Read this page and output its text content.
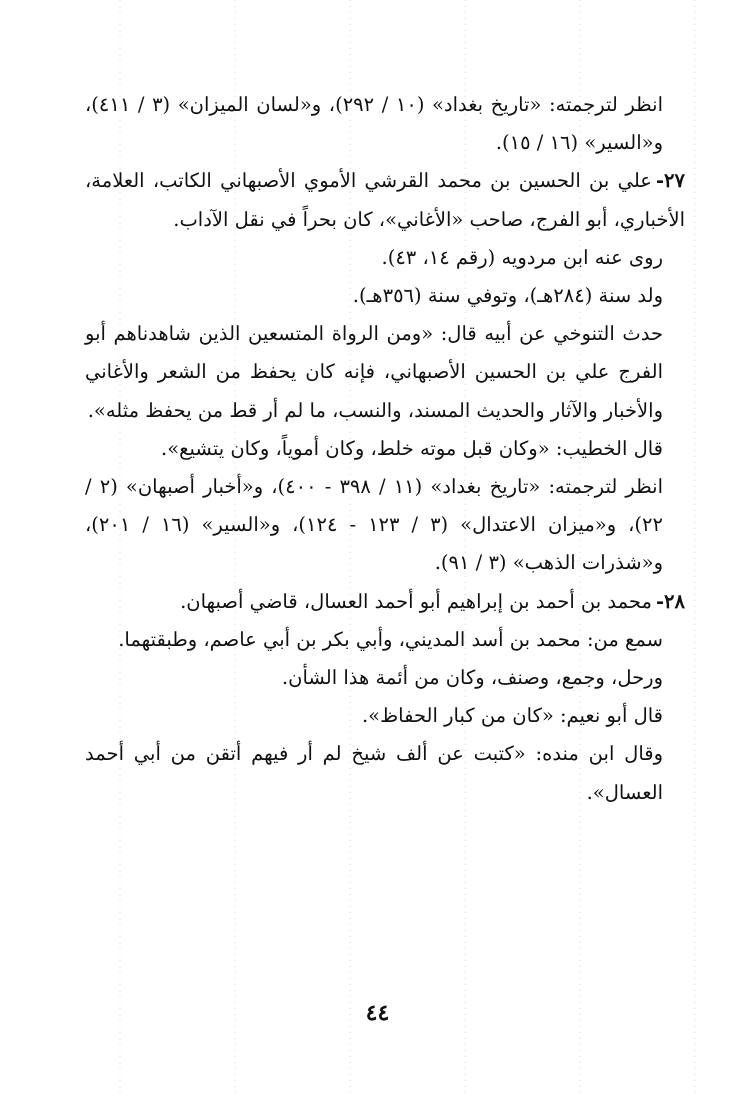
انظر لترجمته: «تاريخ بغداد» (١٠ / ٢٩٢)، و«لسان الميزان» (٣ / ٤١١)، و«السير» (١٦ / ١٥).

٢٧-علي بن الحسين بن محمد القرشي الأموي الأصبهاني الكاتب، العلامة، الأخباري، أبو الفرج، صاحب «الأغاني»، كان بحراً في نقل الآداب.

روى عنه ابن مردويه (رقم ١٤، ٤٣).

ولد سنة (٢٨٤هـ)، وتوفي سنة (٣٥٦هـ).

حدث التنوخي عن أبيه قال: «ومن الرواة المتسعين الذين شاهدناهم أبو الفرج علي بن الحسين الأصبهاني، فإنه كان يحفظ من الشعر والأغاني والأخبار والآثار والحديث المسند، والنسب، ما لم أر قط من يحفظ مثله».

قال الخطيب: «وكان قبل موته خلط، وكان أموياً، وكان يتشيع».

انظر لترجمته: «تاريخ بغداد» (١١ / ٣٩٨ - ٤٠٠)، و«أخبار أصبهان» (٢ / ٢٢)، و«ميزان الاعتدال» (٣ / ١٢٣ - ١٢٤)، و«السير» (١٦ / ٢٠١)، و«شذرات الذهب» (٣ / ٩١).

٢٨-محمد بن أحمد بن إبراهيم أبو أحمد العسال، قاضي أصبهان.

سمع من: محمد بن أسد المديني، وأبي بكر بن أبي عاصم، وطبقتهما.

ورحل، وجمع، وصنف، وكان من أئمة هذا الشأن.

قال أبو نعيم: «كان من كبار الحفاظ».

وقال ابن منده: «كتبت عن ألف شيخ لم أر فيهم أتقن من أبي أحمد العسال».

٤٤
